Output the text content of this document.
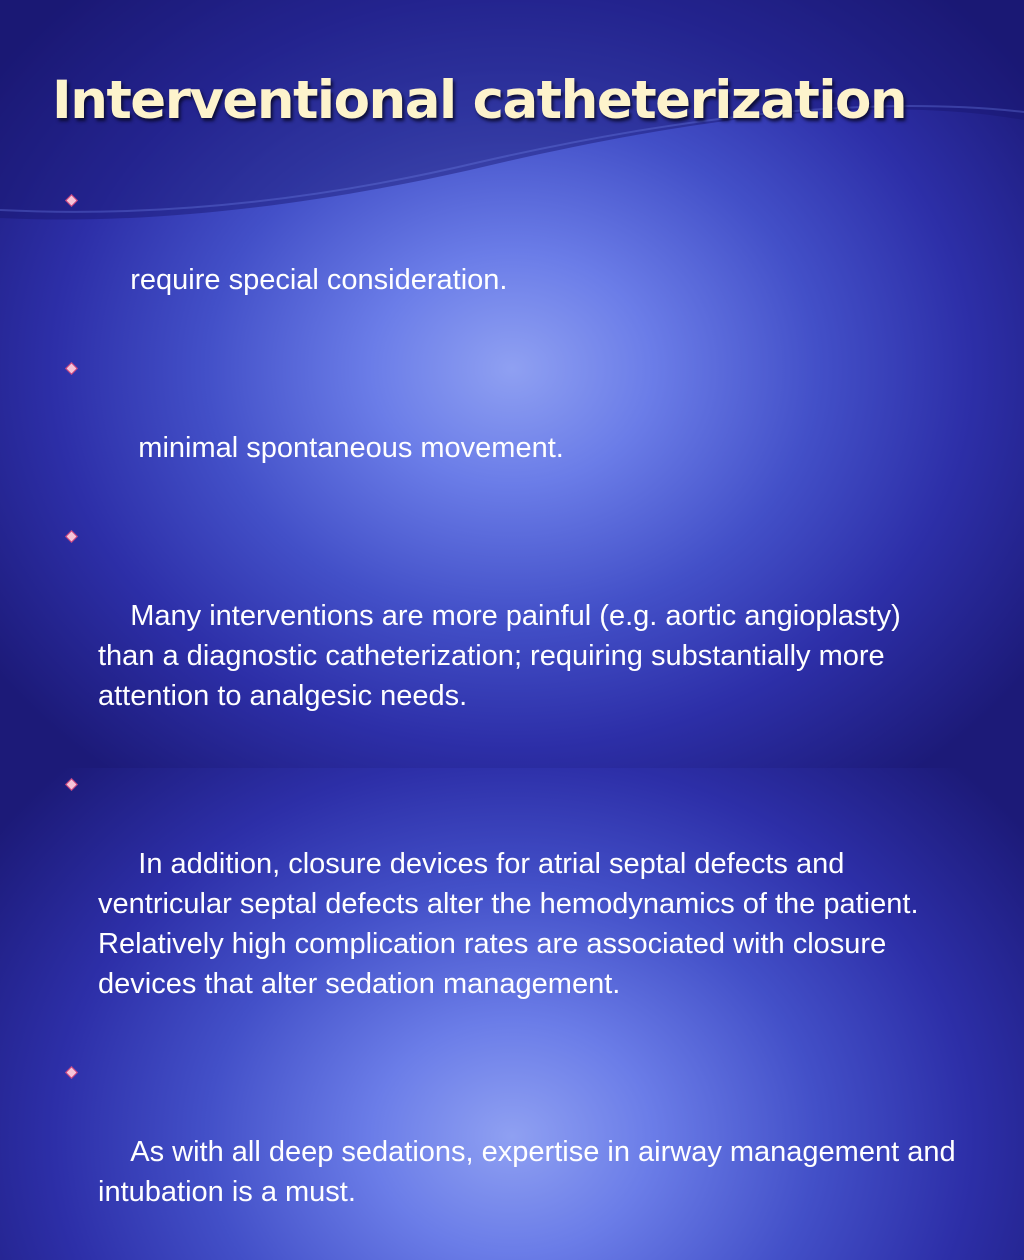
Interventional catheterization

require special consideration.

minimal spontaneous movement.

Many interventions are more painful (e.g. aortic angioplasty) than a diagnostic catheterization; requiring substantially more attention to analgesic needs.

In addition, closure devices for atrial septal defects and ventricular septal defects alter the hemodynamics of the patient. Relatively high complication rates are associated with closure devices that alter sedation management.

As with all deep sedations, expertise in airway management and intubation is a must.
